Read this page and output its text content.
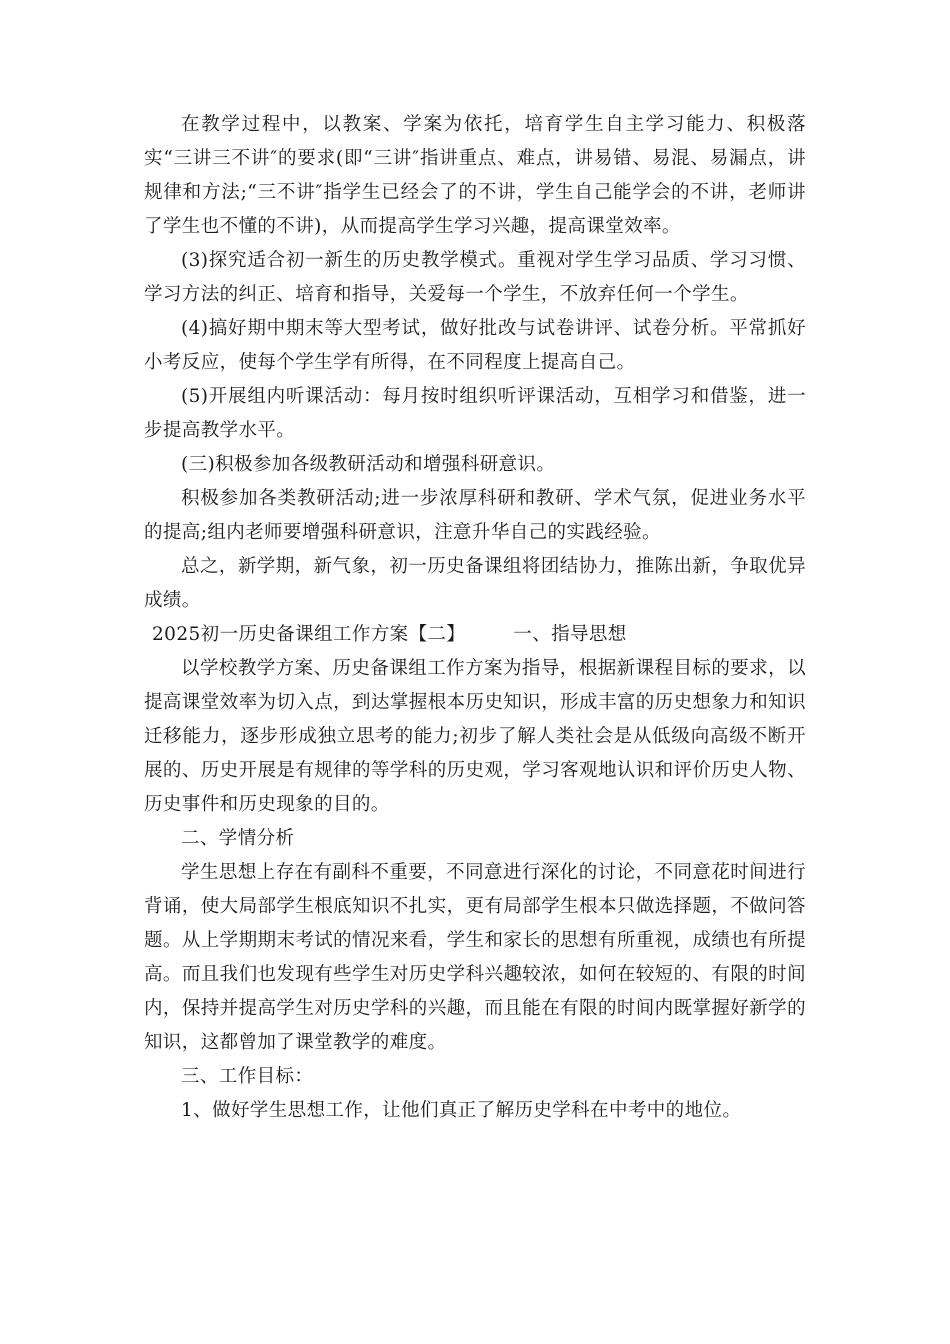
在教学过程中，以教案、学案为依托，培育学生自主学习能力、积极落实“三讲三不讲″的要求(即“三讲″指讲重点、难点，讲易错、易混、易漏点，讲规律和方法;“三不讲″指学生已经会了的不讲，学生自己能学会的不讲，老师讲了学生也不懂的不讲)，从而提高学生学习兴趣，提高课堂效率。

(3)探究适合初一新生的历史教学模式。重视对学生学习品质、学习习惯、学习方法的纠正、培育和指导，关爱每一个学生，不放弃任何一个学生。

(4)搞好期中期末等大型考试，做好批改与试卷讲评、试卷分析。平常抓好小考反应，使每个学生学有所得，在不同程度上提高自己。

(5)开展组内听课活动：每月按时组织听评课活动，互相学习和借鉴，进一步提高教学水平。

(三)积极参加各级教研活动和增强科研意识。

积极参加各类教研活动;进一步浓厚科研和教研、学术气氛，促进业务水平的提高;组内老师要增强科研意识，注意升华自己的实践经验。

总之，新学期，新气象，初一历史备课组将团结协力，推陈出新，争取优异成绩。

2025初一历史备课组工作方案【二】	一、指导思想

以学校教学方案、历史备课组工作方案为指导，根据新课程目标的要求，以提高课堂效率为切入点，到达掌握根本历史知识，形成丰富的历史想象力和知识迁移能力，逐步形成独立思考的能力;初步了解人类社会是从低级向高级不断开展的、历史开展是有规律的等学科的历史观，学习客观地认识和评价历史人物、历史事件和历史现象的目的。

二、学情分析

学生思想上存在有副科不重要，不同意进行深化的讨论，不同意花时间进行背诵，使大局部学生根底知识不扎实，更有局部学生根本只做选择题，不做问答题。从上学期期末考试的情况来看，学生和家长的思想有所重视，成绩也有所提高。而且我们也发现有些学生对历史学科兴趣较浓，如何在较短的、有限的时间内，保持并提高学生对历史学科的兴趣，而且能在有限的时间内既掌握好新学的知识，这都曾加了课堂教学的难度。

三、工作目标：

1、做好学生思想工作，让他们真正了解历史学科在中考中的地位。
